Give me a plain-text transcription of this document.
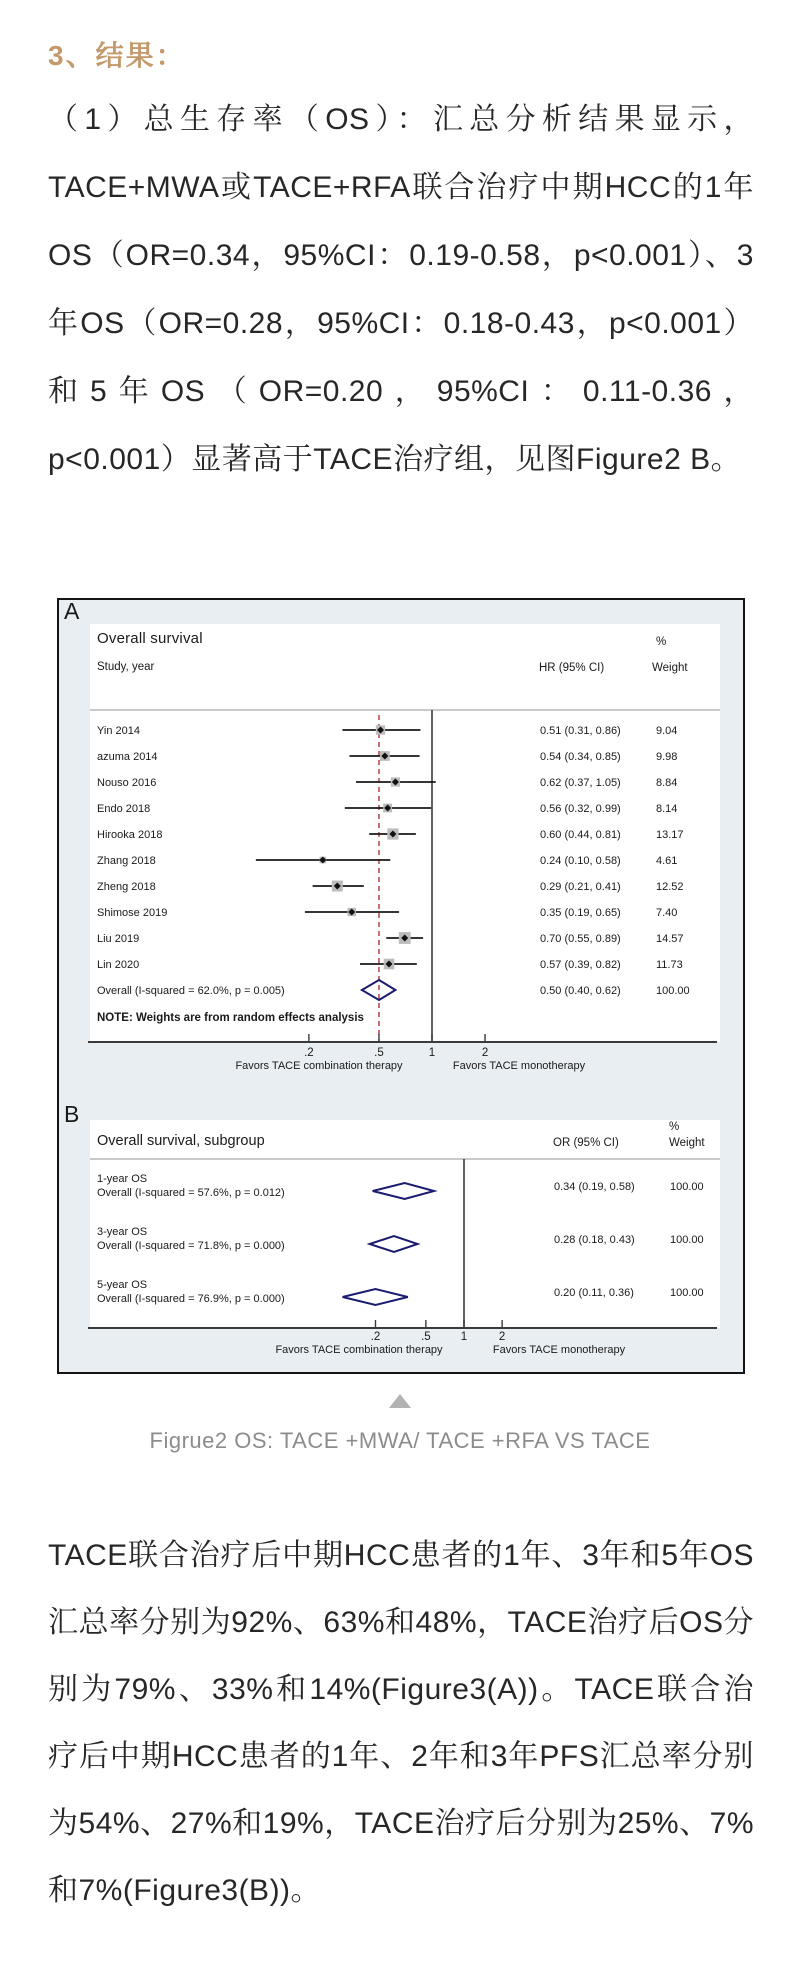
3、结果：
（1）总生存率（OS）：汇总分析结果显示，TACE+MWA或TACE+RFA联合治疗中期HCC的1年OS（OR=0.34，95%CI：0.19-0.58，p<0.001）、3年OS（OR=0.28，95%CI：0.18-0.43，p<0.001）和5年OS（OR=0.20，95%CI：0.11-0.36，p<0.001）显著高于TACE治疗组，见图Figure2 B。
A
B
Overall survival
Study, year	HR (95% CI)
%
Weight
NOTE: Weights are from random effects analysis
Favors TACE combination therapy	Favors TACE monotherapy
Overall survival, subgroup	OR (95% CI)
%
Weight
Favors TACE combination therapy	Favors TACE monotherapy
Yin 2014	0.51 (0.31, 0.86)	9.04
azuma 2014	0.54 (0.34, 0.85)	9.98
Nouso 2016	0.62 (0.37, 1.05)	8.84
Endo 2018	0.56 (0.32, 0.99)	8.14
Hirooka 2018	0.60 (0.44, 0.81)	13.17
Zhang 2018	0.24 (0.10, 0.58)	4.61
Zheng 2018	0.29 (0.21, 0.41)	12.52
Shimose 2019	0.35 (0.19, 0.65)	7.40
Liu 2019	0.70 (0.55, 0.89)	14.57
Lin 2020	0.57 (0.39, 0.82)	11.73
Overall (I-squared = 62.0%, p = 0.005)	0.50 (0.40, 0.62)	100.00
.2	.5	1	2
1-year OS
Overall (I-squared = 57.6%, p = 0.012)	0.34 (0.19, 0.58)	100.00
3-year OS
Overall (I-squared = 71.8%, p = 0.000)	0.28 (0.18, 0.43)	100.00
5-year OS
Overall (I-squared = 76.9%, p = 0.000)	0.20 (0.11, 0.36)	100.00
.2	.5	1	2
Figrue2 OS: TACE +MWA/ TACE +RFA VS TACE
TACE联合治疗后中期HCC患者的1年、3年和5年OS汇总率分别为92%、63%和48%，TACE治疗后OS分别为79%、33%和14%(Figure3(A))。TACE联合治疗后中期HCC患者的1年、2年和3年PFS汇总率分别为54%、27%和19%，TACE治疗后分别为25%、7%和7%(Figure3(B))。
